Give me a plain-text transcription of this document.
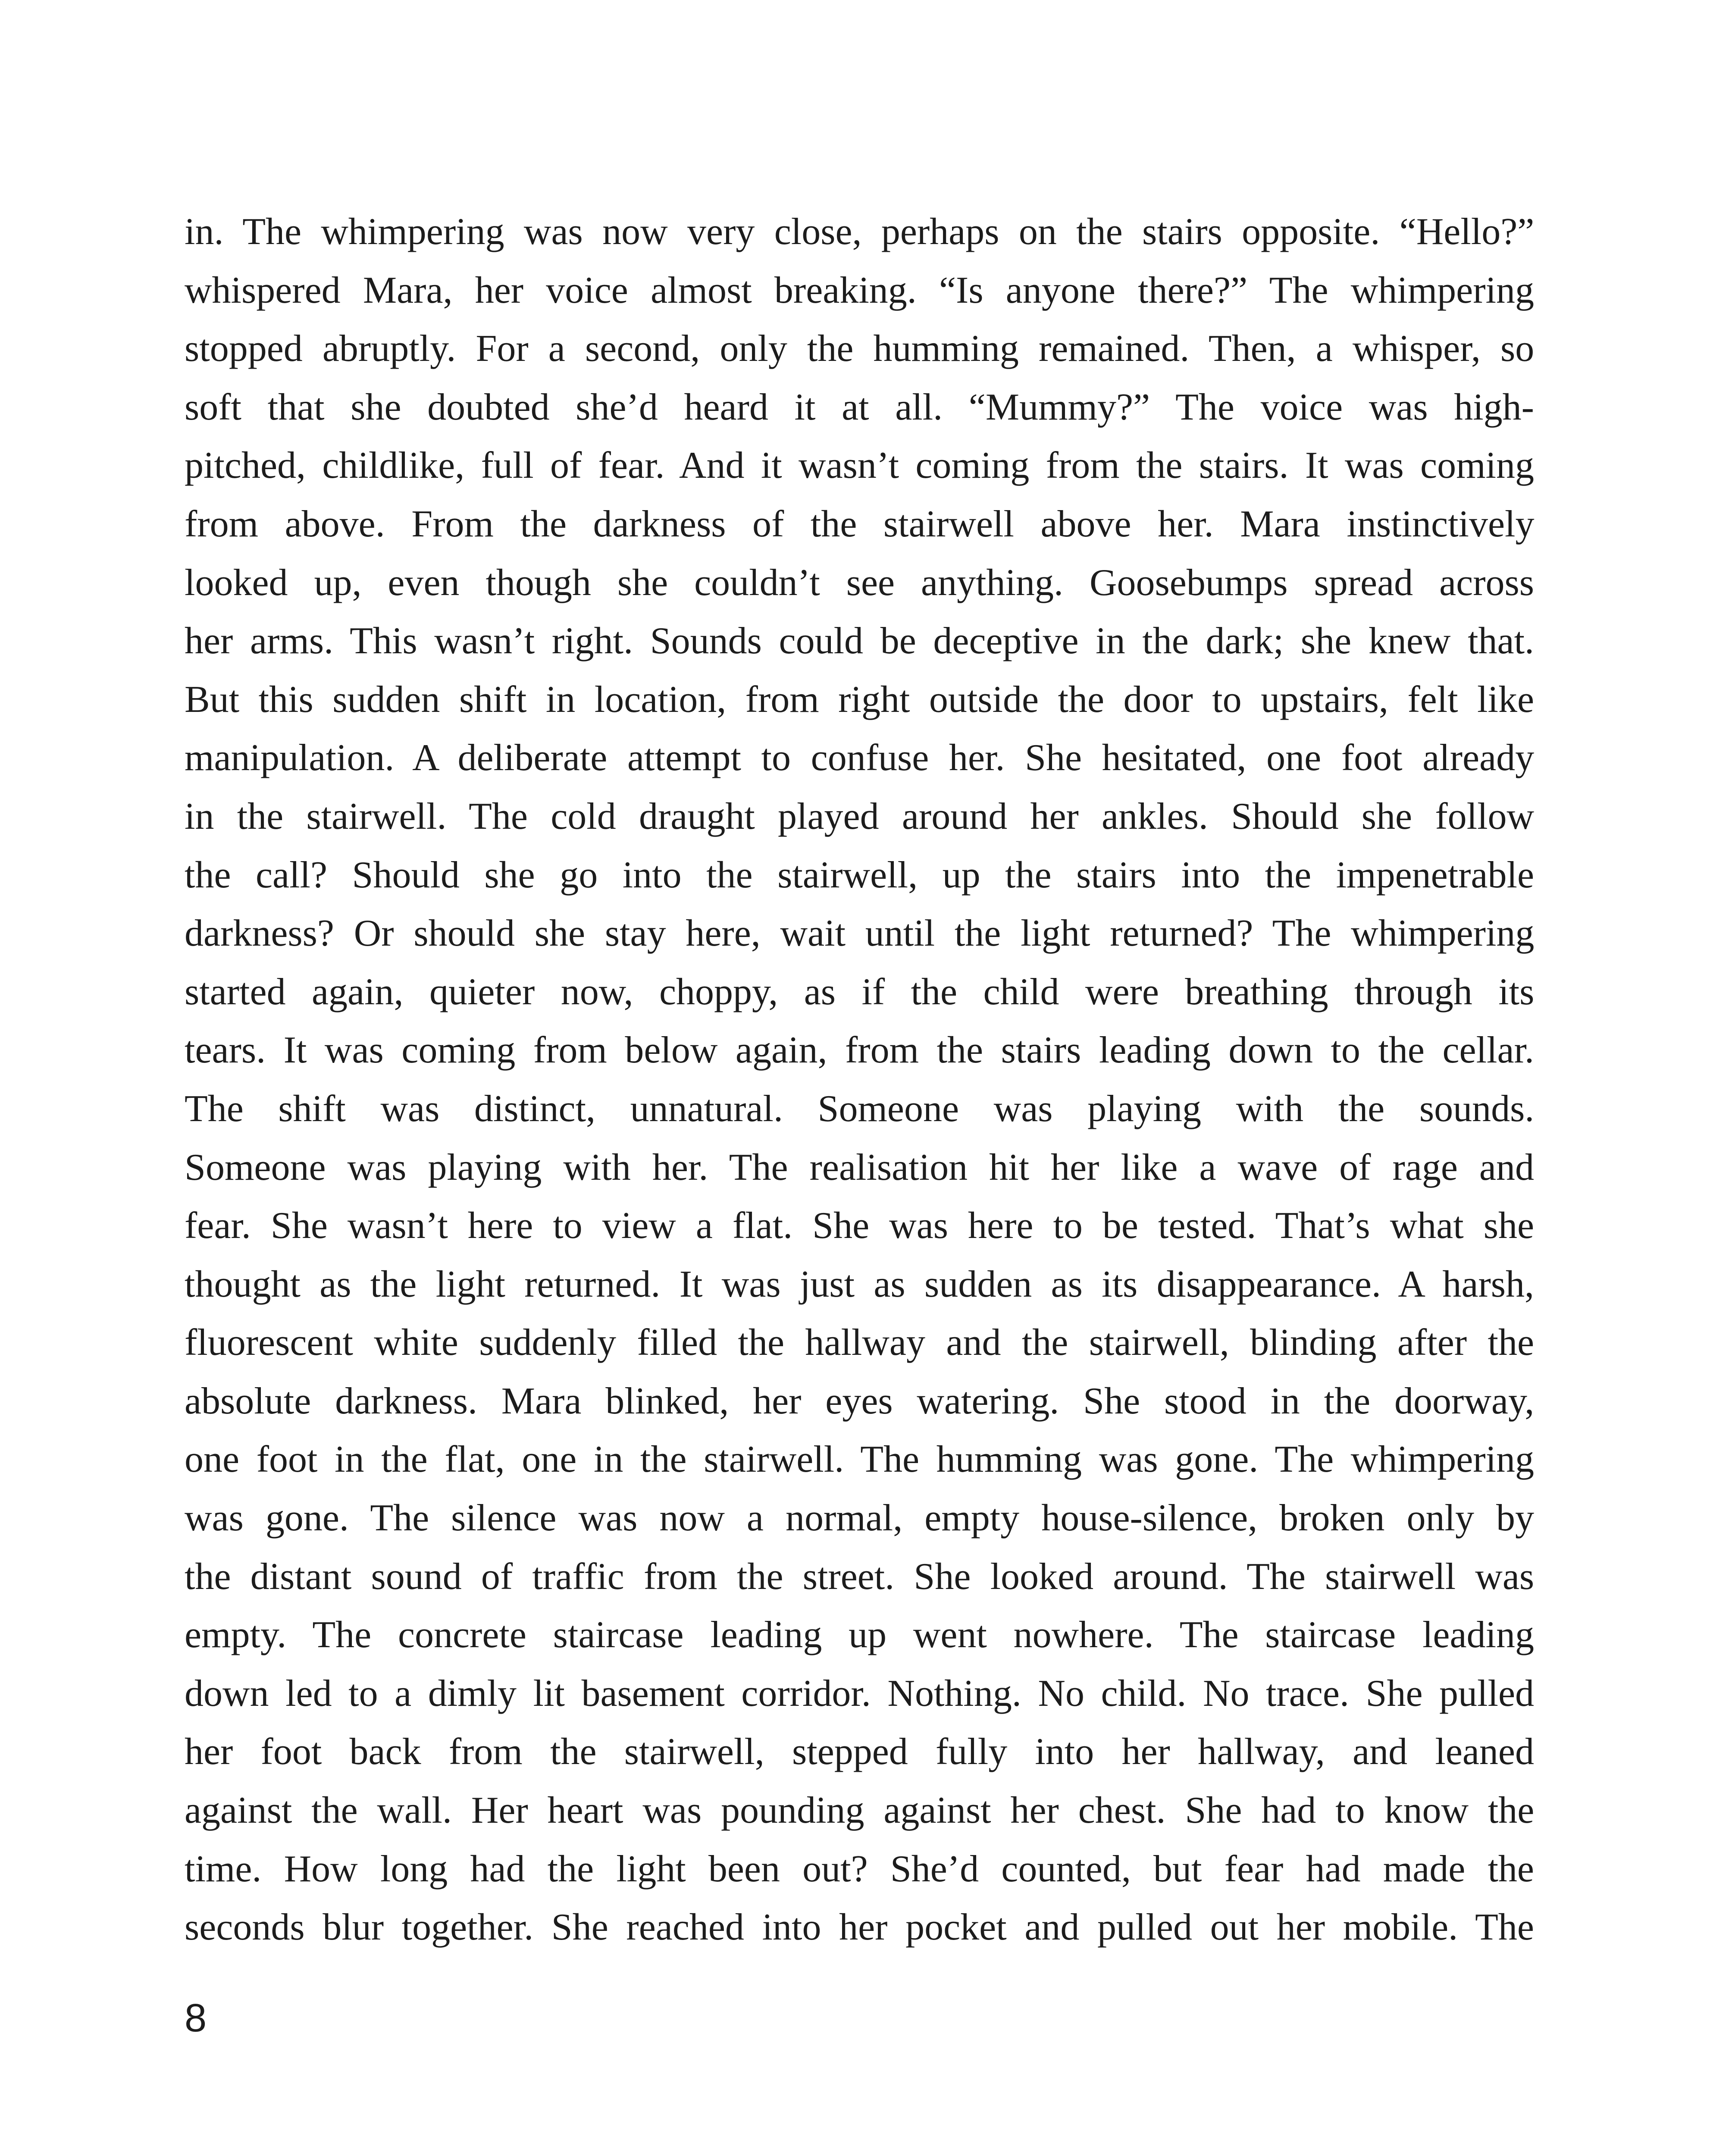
in. The whimpering was now very close, perhaps on the stairs opposite. “Hello?”
whispered Mara, her voice almost breaking. “Is anyone there?” The whimpering
stopped abruptly. For a second, only the humming remained. Then, a whisper, so
soft that she doubted she’d heard it at all. “Mummy?” The voice was high-
pitched, childlike, full of fear. And it wasn’t coming from the stairs. It was coming
from above. From the darkness of the stairwell above her. Mara instinctively
looked up, even though she couldn’t see anything. Goosebumps spread across
her arms. This wasn’t right. Sounds could be deceptive in the dark; she knew that.
But this sudden shift in location, from right outside the door to upstairs, felt like
manipulation. A deliberate attempt to confuse her. She hesitated, one foot already
in the stairwell. The cold draught played around her ankles. Should she follow
the call? Should she go into the stairwell, up the stairs into the impenetrable
darkness? Or should she stay here, wait until the light returned? The whimpering
started again, quieter now, choppy, as if the child were breathing through its
tears. It was coming from below again, from the stairs leading down to the cellar.
The shift was distinct, unnatural. Someone was playing with the sounds.
Someone was playing with her. The realisation hit her like a wave of rage and
fear. She wasn’t here to view a flat. She was here to be tested. That’s what she
thought as the light returned. It was just as sudden as its disappearance. A harsh,
fluorescent white suddenly filled the hallway and the stairwell, blinding after the
absolute darkness. Mara blinked, her eyes watering. She stood in the doorway,
one foot in the flat, one in the stairwell. The humming was gone. The whimpering
was gone. The silence was now a normal, empty house-silence, broken only by
the distant sound of traffic from the street. She looked around. The stairwell was
empty. The concrete staircase leading up went nowhere. The staircase leading
down led to a dimly lit basement corridor. Nothing. No child. No trace. She pulled
her foot back from the stairwell, stepped fully into her hallway, and leaned
against the wall. Her heart was pounding against her chest. She had to know the
time. How long had the light been out? She’d counted, but fear had made the
seconds blur together. She reached into her pocket and pulled out her mobile. The
8
